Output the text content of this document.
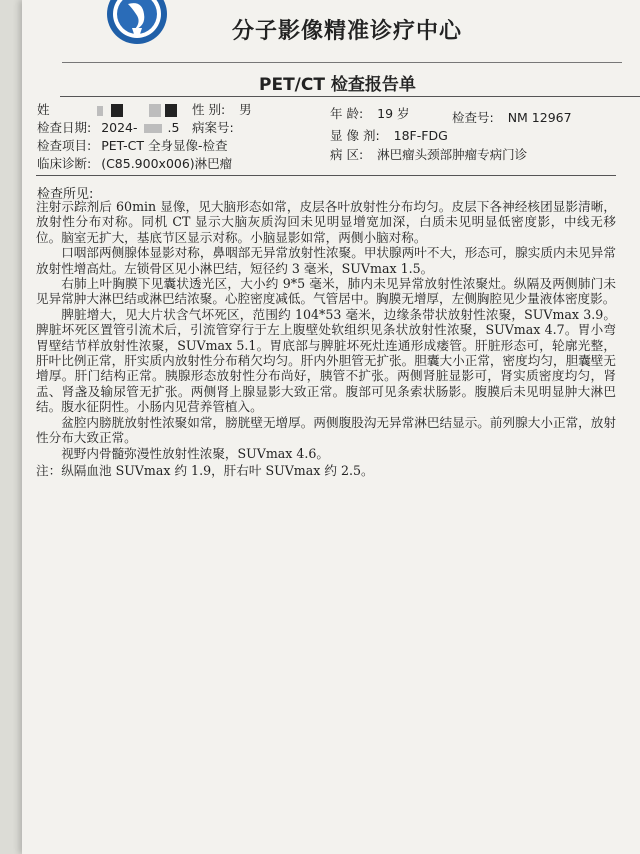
分子影像精准诊疗中心
PET/CT 检查报告单
姓	性 别: 男	年 龄: 19 岁	检查号: NM 12967
检查日期: 2024- .5 病案号:
显 像 剂: 18F-FDG
检查项目: PET-CT 全身显像-检查
病 区: 淋巴瘤头颈部肿瘤专病门诊
临床诊断: (C85.900x006)淋巴瘤
检查所见:

注射示踪剂后 60min 显像，见大脑形态如常，皮层各叶放射性分布均匀。皮层下各神经核团显影清晰，放射性分布对称。同机 CT 显示大脑灰质沟回未见明显增宽加深，白质未见明显低密度影，中线无移位。脑室无扩大，基底节区显示对称。小脑显影如常，两侧小脑对称。

口咽部两侧腺体显影对称，鼻咽部无异常放射性浓聚。甲状腺两叶不大，形态可，腺实质内未见异常放射性增高灶。左锁骨区见小淋巴结，短径约 3 毫米，SUVmax 1.5。

右肺上叶胸膜下见囊状透光区，大小约 9*5 毫米，肺内未见异常放射性浓聚灶。纵隔及两侧肺门未见异常肿大淋巴结或淋巴结浓聚。心腔密度减低。气管居中。胸膜无增厚，左侧胸腔见少量液体密度影。

脾脏增大，见大片状含气坏死区，范围约 104*53 毫米，边缘条带状放射性浓聚，SUVmax 3.9。脾脏坏死区置管引流术后，引流管穿行于左上腹壁处软组织见条状放射性浓聚，SUVmax 4.7。胃小弯胃壁结节样放射性浓聚，SUVmax 5.1。胃底部与脾脏坏死灶连通形成瘘管。肝脏形态可，轮廓光整，肝叶比例正常，肝实质内放射性分布稍欠均匀。肝内外胆管无扩张。胆囊大小正常，密度均匀，胆囊壁无增厚。肝门结构正常。胰腺形态放射性分布尚好，胰管不扩张。两侧肾脏显影可，肾实质密度均匀，肾盂、肾盏及输尿管无扩张。两侧肾上腺显影大致正常。腹部可见条索状肠影。腹膜后未见明显肿大淋巴结。腹水征阴性。小肠内见营养管植入。

盆腔内膀胱放射性浓聚如常，膀胱壁无增厚。两侧腹股沟无异常淋巴结显示。前列腺大小正常，放射性分布大致正常。

视野内骨髓弥漫性放射性浓聚，SUVmax 4.6。

注：纵隔血池 SUVmax 约 1.9，肝右叶 SUVmax 约 2.5。
